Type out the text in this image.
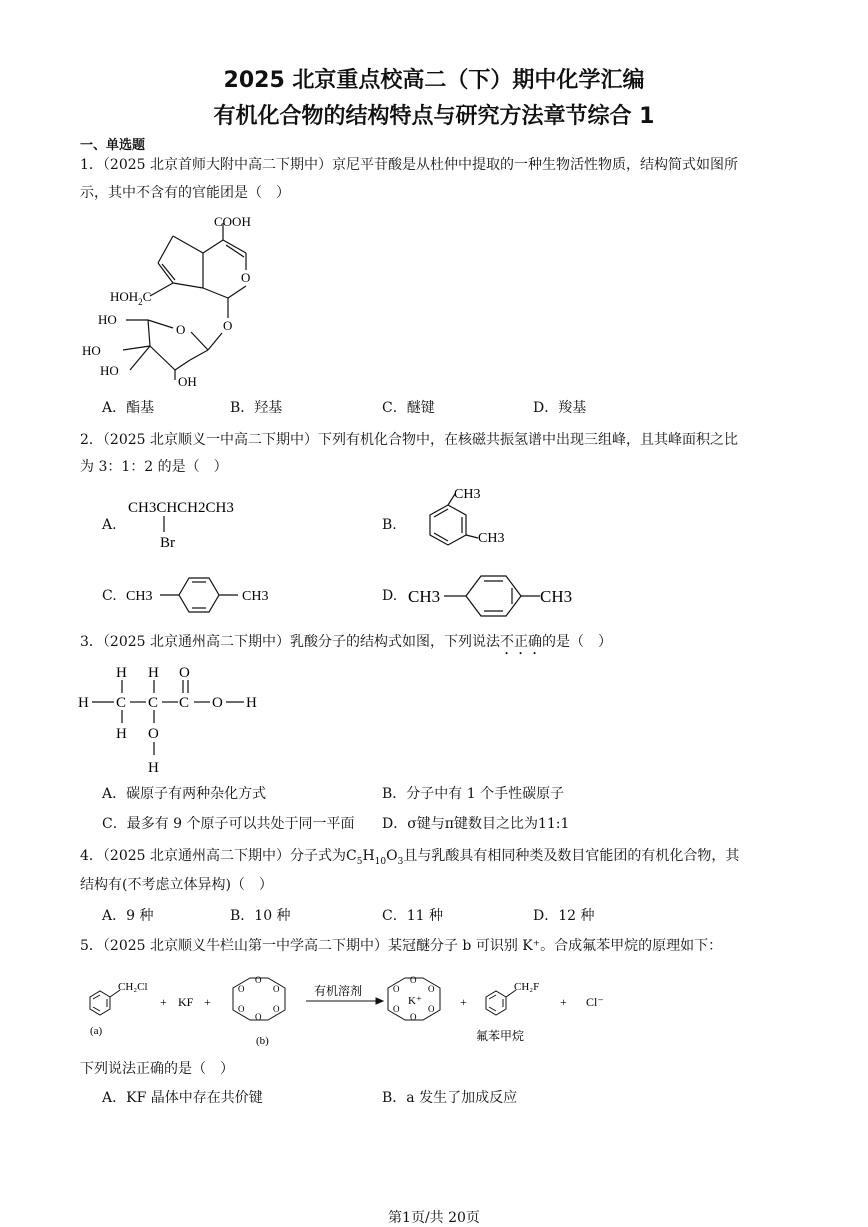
2025 北京重点校高二（下）期中化学汇编
有机化合物的结构特点与研究方法章节综合 1
一、单选题
1．（2025 北京首师大附中高二下期中）京尼平苷酸是从杜仲中提取的一种生物活性物质，结构简式如图所
示，其中不含有的官能团是（　）
COOH
O
$HOH_2C$
O
O
HO
HO
HO
OH
A．酯基	B．羟基	C．醚键	D．羧基
2．（2025 北京顺义一中高二下期中）下列有机化合物中，在核磁共振氢谱中出现三组峰，且其峰面积之比
为 3：1：2 的是（　）
A.
CH3CHCH2CH3
Br
B.
CH3
CH3
C. CH3	CH3	D. CH3	CH3
3．（2025 北京通州高二下期中）乳酸分子的结构式如图，下列说法不正确的是（　）
H
H
C
H
H
C
O
H
O
C O H
A．碳原子有两种杂化方式	B．分子中有 1 个手性碳原子
C．最多有 9 个原子可以共处于同一平面 D．σ键与π键数目之比为11:1
4．（2025 北京通州高二下期中）分子式为$C_5H_{10}O_3$且与乳酸具有相同种类及数目官能团的有机化合物，其
结构有(不考虑立体异构)（　）
A．9 种	B．10 种	C．11 种	D．12 种
5．（2025 北京顺义牛栏山第一中学高二下期中）某冠醚分子 b 可识别 K⁺。合成氟苯甲烷的原理如下：
CH₂Cl
(a)
+ KF +
O
O
O
O
O
O
(b)
有机溶剂	O
O
O
O
O
O
K⁺	+
CH₂F
氟苯甲烷
+ Cl⁻
下列说法正确的是（　）
A．KF 晶体中存在共价键	B．a 发生了加成反应
第1页/共 20页
